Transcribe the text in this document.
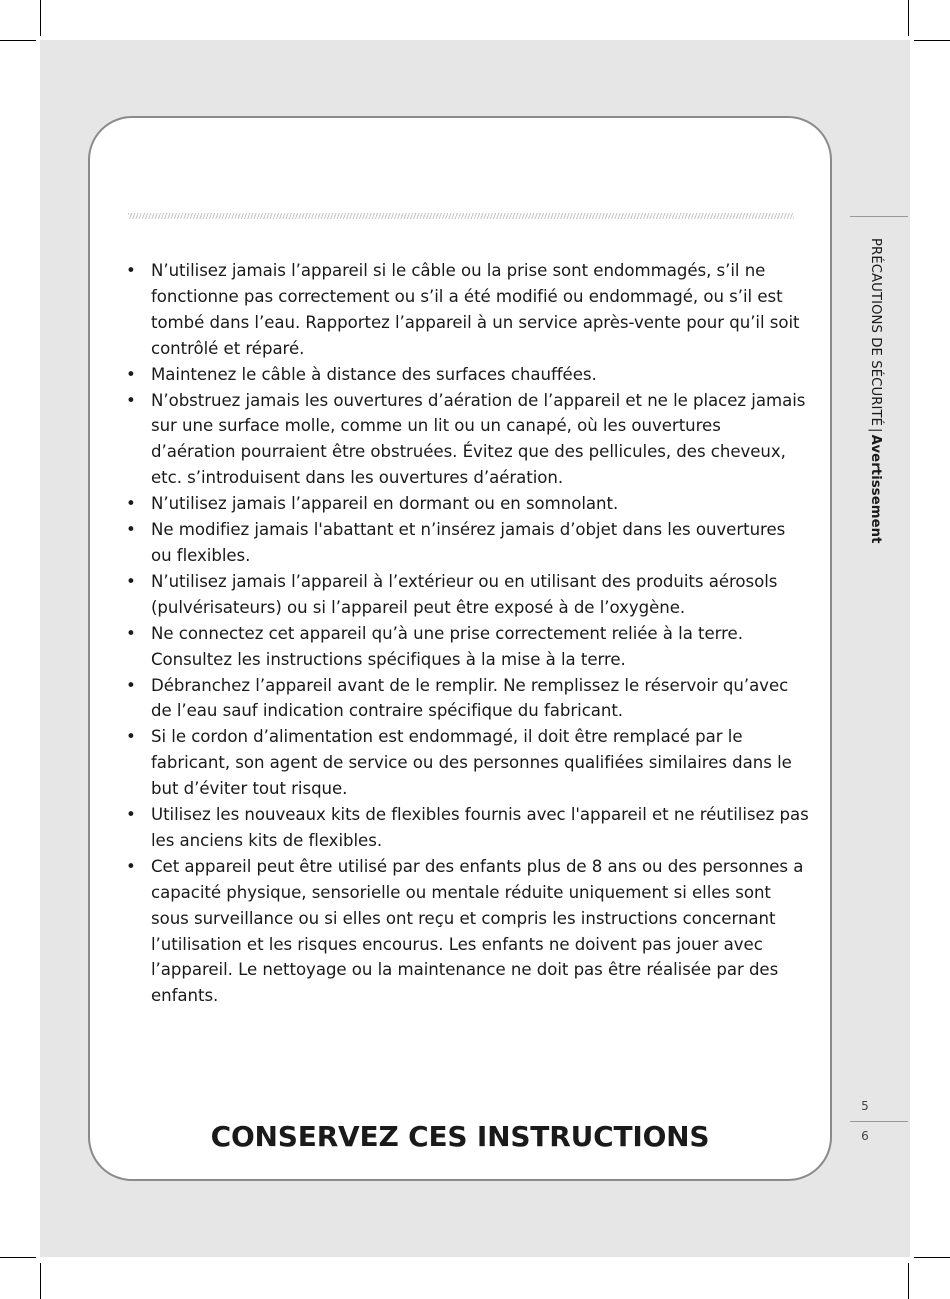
• N’utilisez jamais l’appareil si le câble ou la prise sont endommagés, s’il ne fonctionne pas correctement ou s’il a été modifié ou endommagé, ou s’il est tombé dans l’eau. Rapportez l’appareil à un service après-vente pour qu’il soit contrôlé et réparé.
• Maintenez le câble à distance des surfaces chauffées.
• N’obstruez jamais les ouvertures d’aération de l’appareil et ne le placez jamais sur une surface molle, comme un lit ou un canapé, où les ouvertures d’aération pourraient être obstruées. Évitez que des pellicules, des cheveux, etc. s’introduisent dans les ouvertures d’aération.
• N’utilisez jamais l’appareil en dormant ou en somnolant.
• Ne modifiez jamais l'abattant et n’insérez jamais d’objet dans les ouvertures ou flexibles.
• N’utilisez jamais l’appareil à l’extérieur ou en utilisant des produits aérosols (pulvérisateurs) ou si l’appareil peut être exposé à de l’oxygène.
• Ne connectez cet appareil qu’à une prise correctement reliée à la terre. Consultez les instructions spécifiques à la mise à la terre.
• Débranchez l’appareil avant de le remplir. Ne remplissez le réservoir qu’avec de l’eau sauf indication contraire spécifique du fabricant.
• Si le cordon d’alimentation est endommagé, il doit être remplacé par le fabricant, son agent de service ou des personnes qualifiées similaires dans le but d’éviter tout risque.
• Utilisez les nouveaux kits de flexibles fournis avec l'appareil et ne réutilisez pas les anciens kits de flexibles.
• Cet appareil peut être utilisé par des enfants plus de 8 ans ou des personnes a capacité physique, sensorielle ou mentale réduite uniquement si elles sont sous surveillance ou si elles ont reçu et compris les instructions concernant l’utilisation et les risques encourus. Les enfants ne doivent pas jouer avec l’appareil. Le nettoyage ou la maintenance ne doit pas être réalisée par des enfants.
CONSERVEZ CES INSTRUCTIONS
PRÉCAUTIONS DE SÉCURITÉ|Avertissement
5
6
